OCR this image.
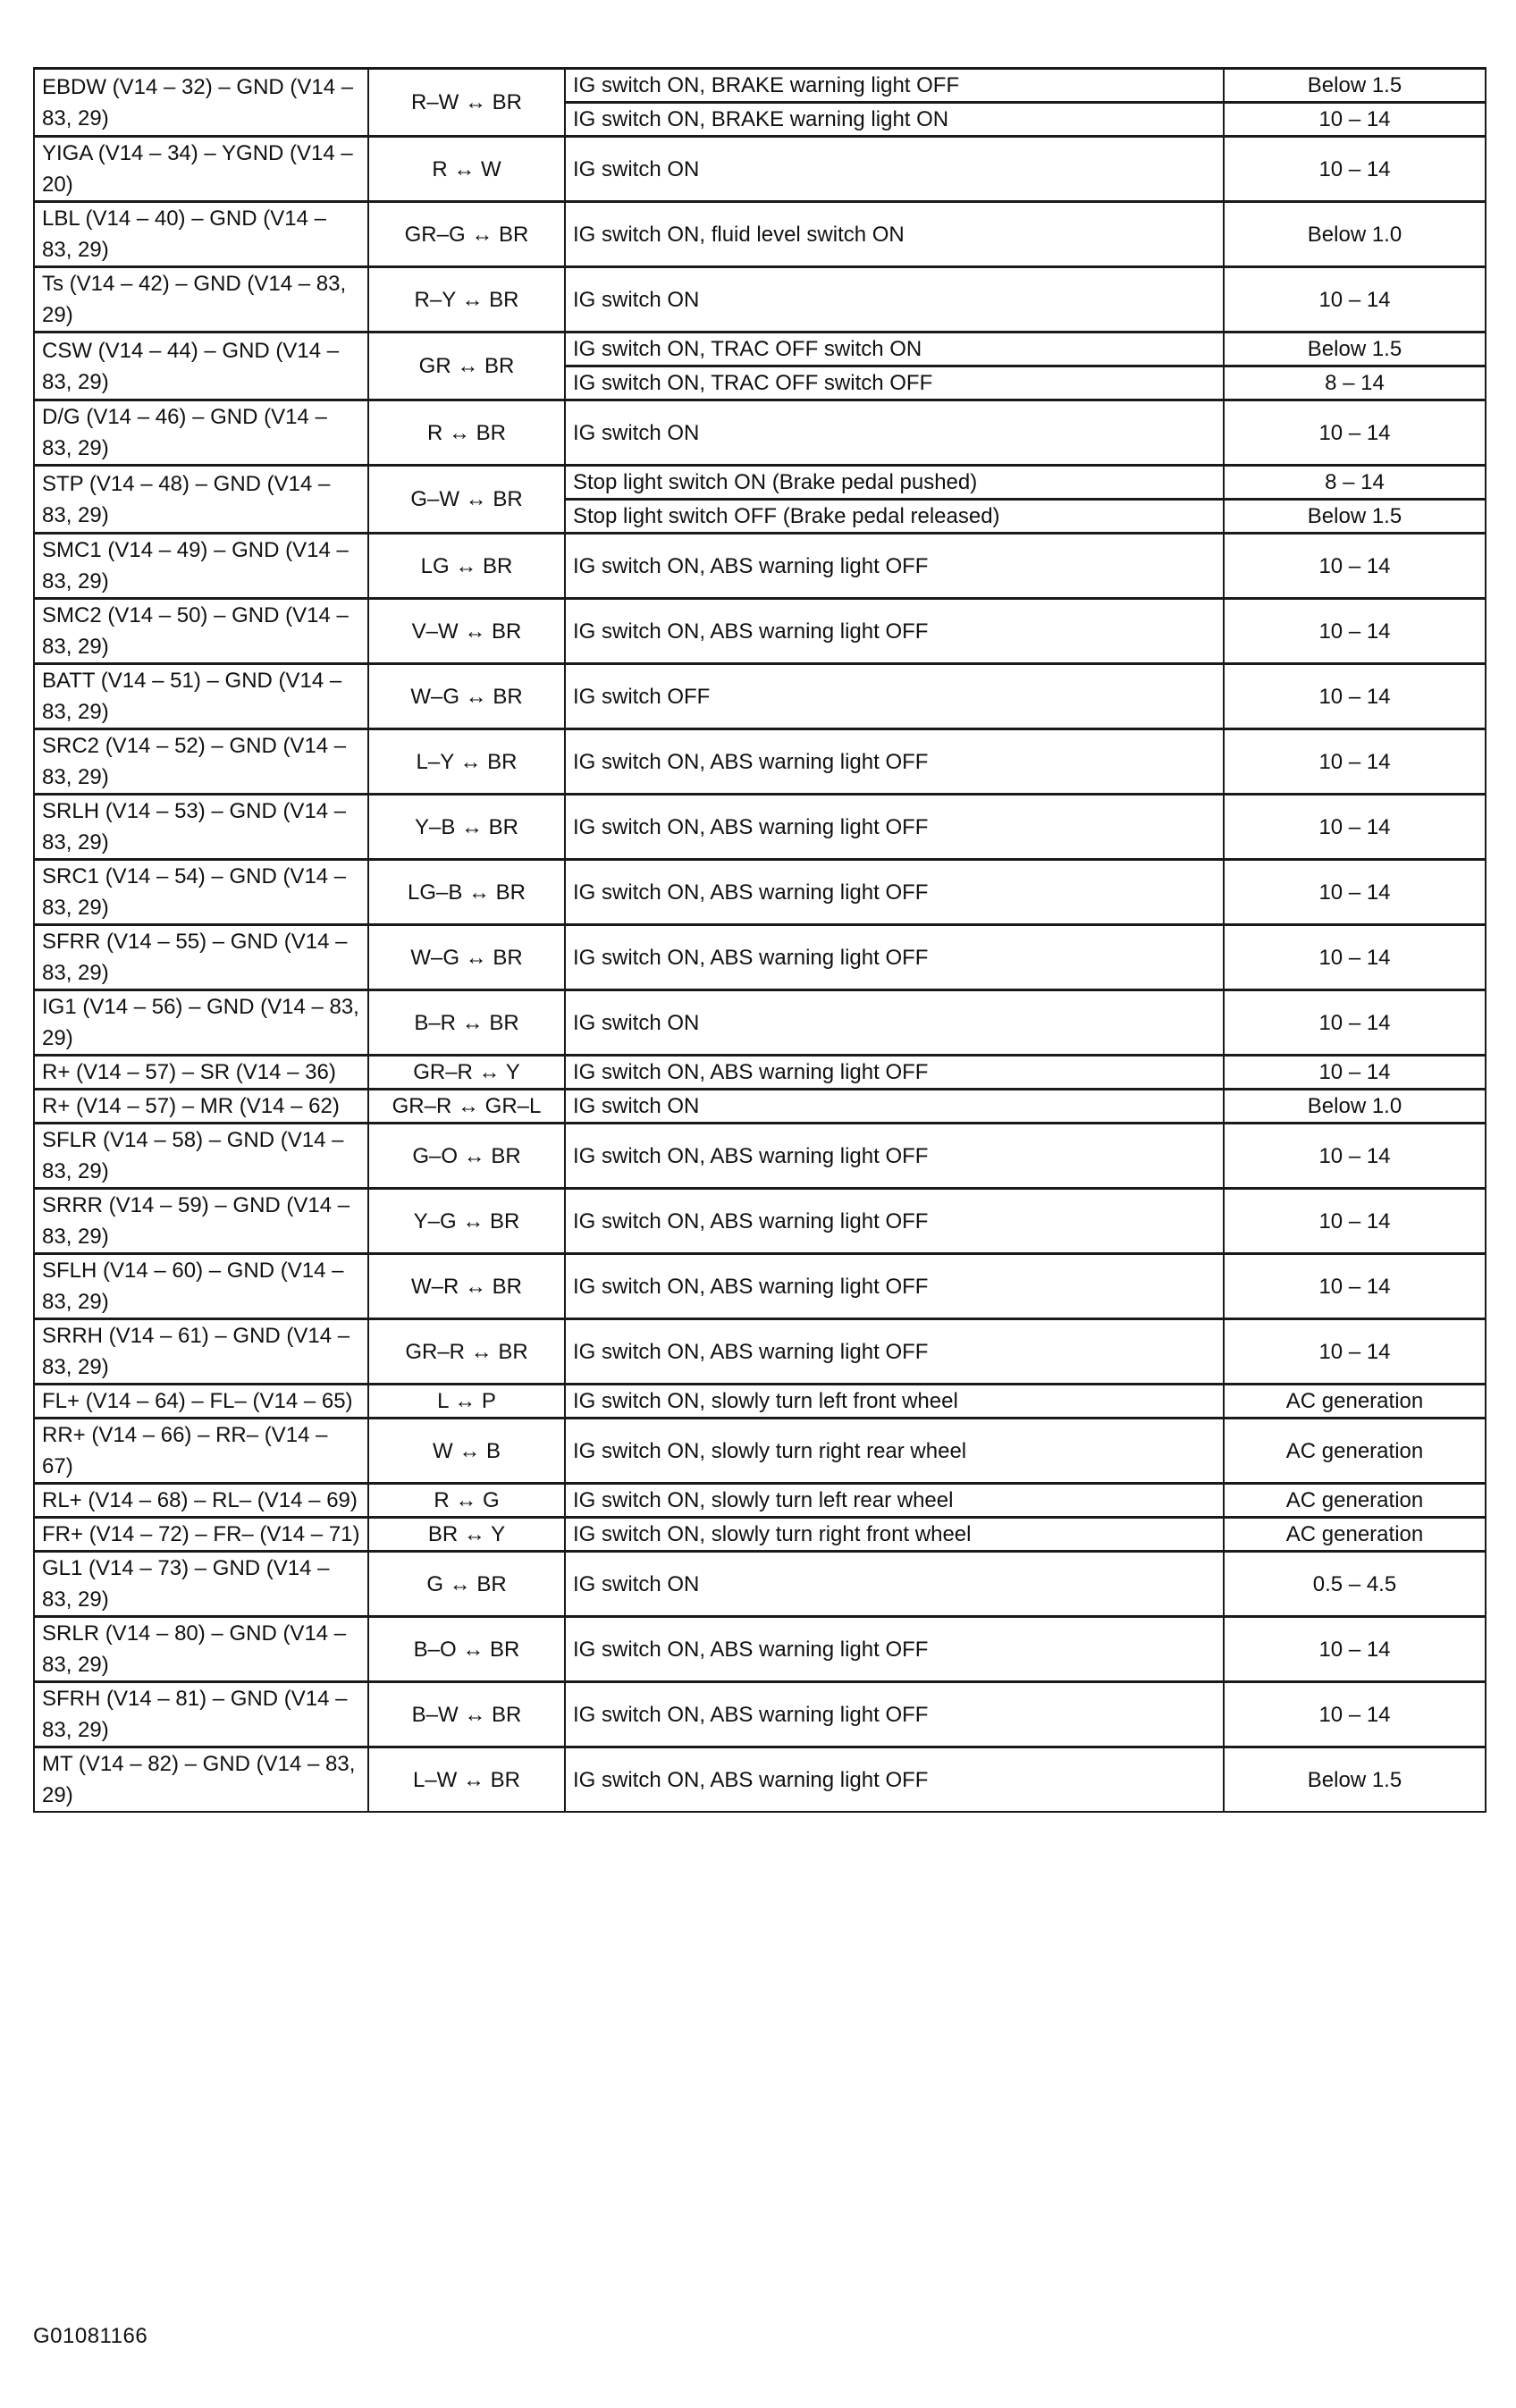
EBDW (V14 – 32) – GND (V14 – 83, 29)	R–W ↔ BR	IG switch ON, BRAKE warning light OFF	Below 1.5
		IG switch ON, BRAKE warning light ON	10 – 14
YIGA (V14 – 34) – YGND (V14 – 20)	R ↔ W	IG switch ON	10 – 14
LBL (V14 – 40) – GND (V14 – 83, 29)	GR–G ↔ BR	IG switch ON, fluid level switch ON	Below 1.0
Ts (V14 – 42) – GND (V14 – 83, 29)	R–Y ↔ BR	IG switch ON	10 – 14
CSW (V14 – 44) – GND (V14 – 83, 29)	GR ↔ BR	IG switch ON, TRAC OFF switch ON	Below 1.5
		IG switch ON, TRAC OFF switch OFF	8 – 14
D/G (V14 – 46) – GND (V14 – 83, 29)	R ↔ BR	IG switch ON	10 – 14
STP (V14 – 48) – GND (V14 – 83, 29)	G–W ↔ BR	Stop light switch ON (Brake pedal pushed)	8 – 14
		Stop light switch OFF (Brake pedal released)	Below 1.5
SMC1 (V14 – 49) – GND (V14 – 83, 29)	LG ↔ BR	IG switch ON, ABS warning light OFF	10 – 14
SMC2 (V14 – 50) – GND (V14 – 83, 29)	V–W ↔ BR	IG switch ON, ABS warning light OFF	10 – 14
BATT (V14 – 51) – GND (V14 – 83, 29)	W–G ↔ BR	IG switch OFF	10 – 14
SRC2 (V14 – 52) – GND (V14 – 83, 29)	L–Y ↔ BR	IG switch ON, ABS warning light OFF	10 – 14
SRLH (V14 – 53) – GND (V14 – 83, 29)	Y–B ↔ BR	IG switch ON, ABS warning light OFF	10 – 14
SRC1 (V14 – 54) – GND (V14 – 83, 29)	LG–B ↔ BR	IG switch ON, ABS warning light OFF	10 – 14
SFRR (V14 – 55) – GND (V14 – 83, 29)	W–G ↔ BR	IG switch ON, ABS warning light OFF	10 – 14
IG1 (V14 – 56) – GND (V14 – 83, 29)	B–R ↔ BR	IG switch ON	10 – 14
R+ (V14 – 57) – SR (V14 – 36)	GR–R ↔ Y	IG switch ON, ABS warning light OFF	10 – 14
R+ (V14 – 57) – MR (V14 – 62)	GR–R ↔ GR–L	IG switch ON	Below 1.0
SFLR (V14 – 58) – GND (V14 – 83, 29)	G–O ↔ BR	IG switch ON, ABS warning light OFF	10 – 14
SRRR (V14 – 59) – GND (V14 – 83, 29)	Y–G ↔ BR	IG switch ON, ABS warning light OFF	10 – 14
SFLH (V14 – 60) – GND (V14 – 83, 29)	W–R ↔ BR	IG switch ON, ABS warning light OFF	10 – 14
SRRH (V14 – 61) – GND (V14 – 83, 29)	GR–R ↔ BR	IG switch ON, ABS warning light OFF	10 – 14
FL+ (V14 – 64) – FL– (V14 – 65)	L ↔ P	IG switch ON, slowly turn left front wheel	AC generation
RR+ (V14 – 66) – RR– (V14 – 67)	W ↔ B	IG switch ON, slowly turn right rear wheel	AC generation
RL+ (V14 – 68) – RL– (V14 – 69)	R ↔ G	IG switch ON, slowly turn left rear wheel	AC generation
FR+ (V14 – 72) – FR– (V14 – 71)	BR ↔ Y	IG switch ON, slowly turn right front wheel	AC generation
GL1 (V14 – 73) – GND (V14 – 83, 29)	G ↔ BR	IG switch ON	0.5 – 4.5
SRLR (V14 – 80) – GND (V14 – 83, 29)	B–O ↔ BR	IG switch ON, ABS warning light OFF	10 – 14
SFRH (V14 – 81) – GND (V14 – 83, 29)	B–W ↔ BR	IG switch ON, ABS warning light OFF	10 – 14
MT (V14 – 82) – GND (V14 – 83, 29)	L–W ↔ BR	IG switch ON, ABS warning light OFF	Below 1.5
G01081166
